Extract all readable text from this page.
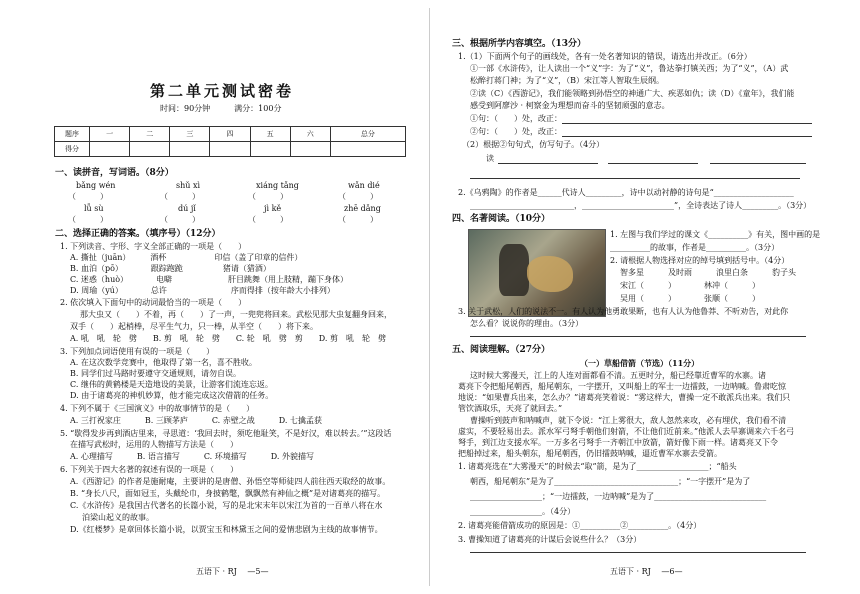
第二单元测试密卷
时间：90分钟　　　满分：100分
题序	一	二	三	四	五	六	总分
得分							
一、读拼音，写词语。（8分）
bǎng wén	shǔ xì	xiáng tǎng	wǎn dié
（　　　）	（　　　）	（　　　）	（　　　）
lǚ sù	dú jǐ	jì kě	zhē dǎng
（　　　）	（　　　）	（　　　）	（　　　）
二、选择正确的答案。（填序号）（12分）
1. 下列读音、字形、字义全部正确的一项是（　　）
A. 撕扯（juān）　　　酒杯　　　　　　印信（盖了印章的信件）
B. 血泊（pō）　　　　跟踪跑跪　　　　　猪请（猎酒）
C. 迷惑（huò）　　　　电噼　　　　　　　肝目跳舞（用上肢精，蹦下身体）
D. 周瑜（yú）　　　　总许　　　　　　　　序而得排（按年龄大小排列）
2. 依次填入下面句中的动词最恰当的一项是（　　）
那大虫又（　　）不着，再（　　）了一声，一兜兜将回来。武松见那大虫复翻身回来，
双手（　　）起梢棒，尽平生气力，只一棒，从半空（　　）将下来。
A. 吼　吼　轮　劈　　B. 剪　吼　轮　劈　　C. 轮　吼　劈　剪　　D. 剪　吼　轮　劈
3. 下列加点词语使用有误的一项是（　　）
A. 在这次数学竞赛中，他取得了第一名，喜不胜收。
B. 同学们过马路时要遵守交通规则，请勿自误。
C. 继伟的黄鹤楼是天造地设的美景，让游客们流连忘返。
D. 由于诸葛亮的神机妙算，他才能完成这次借箭的任务。
4. 下列不属于《三国演义》中的故事情节的是（　　）
A. 三打祝家庄　　　B. 三顾茅庐　　　C. 赤壁之战　　　D. 七擒孟获
5. “歇得发步再到酒店里来，寻思道：‘我回去时，须吃他耻笑，不是好汉，难以转去。’”这段话
在描写武松时，运用的人物描写方法是（　　）
A. 心理描写　　　B. 语言描写　　　C. 环境描写　　　D. 外貌描写
6. 下列关于四大名著的叙述有误的一项是（　　）
A.《西游记》的作者是施耐庵，主要讲的是唐僧、孙悟空等师徒四人前往西天取经的故事。
B. “身长八尺，面如冠玉，头戴纶巾，身披鹤氅，飘飘然有神仙之概”是对诸葛亮的描写。
C.《水浒传》是我国古代著名的长篇小说，写的是北宋末年以宋江为首的一百单八将在水
泊梁山起义的故事。
D.《红楼梦》是章回体长篇小说，以贾宝玉和林黛玉之间的爱情悲剧为主线的故事情节。
五语下 · RJ　 —5—
三、根据所学内容填空。（13分）
1.（1）下面两个句子的画线处，各有一处名著知识的错误，请选出并改正。（6分）
①一部《水浒传》，让人读出一个“义”字：为了“义”，鲁达拳打镇关西；为了“义”，（A）武
松醉打蒋门神；为了“义”，（B）宋江等人智取生辰纲。
②读（C）《西游记》，我们能领略到孙悟空的神通广大、疾恶如仇；读（D）《童年》，我们能
感受到阿廖沙 · 柯察金为理想而奋斗的坚韧顽强的意志。
①句：（　　）处，改正：
②句：（　　）处，改正：
（2）根据②句句式，仿写句子。（4分）
读
2.《乌鸦陶》的作者是______代诗人_________，诗中以动衬静的诗句是“____________________
__________________________，_______________________”，全诗表达了诗人_________。（3分）
四、名著阅读。（10分）
1. 左图与我们学过的课文《__________》有关，图中画的是
__________的故事，作者是__________。（3分）
2. 请根据人物选择对应的绰号填到括号中。（4分）
智多星　　　及时雨　　　浪里白条　　　豹子头
宋江（　　　）　　　　林冲（　　　）
吴用（　　　）　　　　张顺（　　　）
3. 关于武松，人们的说法不一。有人认为他勇敢果断，也有人认为他鲁莽、不听劝告，对此你
怎么看？说说你的理由。（3分）
五、阅读理解。（27分）
（一）草船借箭（节选）（11分）
这时候大雾漫天，江上的人连对面都看不清。五更时分，船已经靠近曹军的水寨。诸
葛亮下令把船尾朝西，船尾朝东，一字摆开，又叫船上的军士一边擂鼓，一边呐喊。鲁肃吃惊
地说：“如果曹兵出来，怎么办？”诸葛亮笑着说：“雾这样大，曹操一定不敢派兵出来。我们只
管饮酒取乐，天亮了就回去。”
曹操听到鼓声和呐喊声，就下令说：“江上雾很大，敌人忽然来攻，必有埋伏，我们看不清
虚实，不要轻易出去。派水军弓弩手朝他们射箭，不让他们近前来。”他派人去旱寨调来六千名弓
弩手，到江边支援水军。一万多名弓弩手一齐朝江中放箭，箭好像下雨一样。诸葛亮又下令
把船掉过来，船头朝东，船尾朝西，仍旧擂鼓呐喊，逼近曹军水寨去受箭。
1. 诸葛亮选在“大雾漫天”的时候去“取”箭，是为了__________________；“船头
朝西，船尾朝东”是为了_______________________________；“一字摆开”是为了
__________________；“一边擂鼓，一边呐喊”是为了____________________________
__________________。（4分）
2. 诸葛亮能借箭成功的原因是：①__________②__________。（4分）
3. 曹操知道了诸葛亮的计谋后会说些什么？（3分）
五语下 · RJ　 —6—
